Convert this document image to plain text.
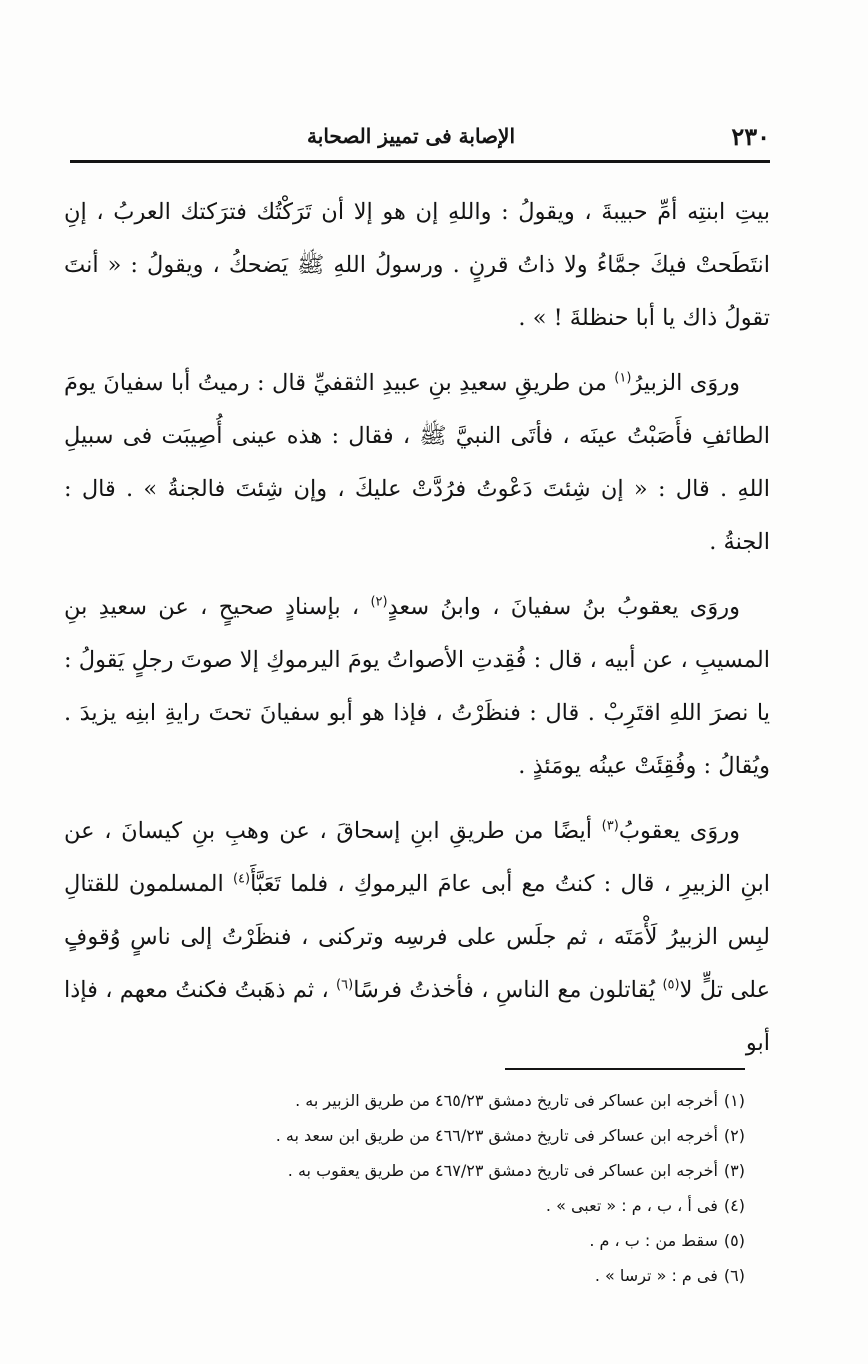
٢٣٠
الإصابة فى تمييز الصحابة

بيتِ ابنتِه أمِّ حبيبةَ ، ويقولُ : واللهِ إن هو إلا أن تَرَكْتُك فترَكتك العربُ ، إنِ انتَطَحتْ فيكَ جمَّاءُ ولا ذاتُ قرنٍ . ورسولُ اللهِ ﷺ يَضحكُ ، ويقولُ : « أنتَ تقولُ ذاك يا أبا حنظلةَ ! » .

وروَى الزبيرُ$^{(١)}$ من طريقِ سعيدِ بنِ عبيدِ الثقفيِّ قال : رميتُ أبا سفيانَ يومَ الطائفِ فأَصَبْتُ عينَه ، فأتَى النبيَّ ﷺ ، فقال : هذه عينى أُصِيبَت فى سبيلِ اللهِ . قال : « إن شِئتَ دَعْوتُ فرُدَّتْ عليكَ ، وإن شِئتَ فالجنةُ » . قال : الجنةُ .

وروَى يعقوبُ بنُ سفيانَ ، وابنُ سعدٍ$^{(٢)}$ ، بإسنادٍ صحيحٍ ، عن سعيدِ بنِ المسيبِ ، عن أبيه ، قال : فُقِدتِ الأصواتُ يومَ اليرموكِ إلا صوتَ رجلٍ يَقولُ : يا نصرَ اللهِ اقتَرِبْ . قال : فنظَرْتُ ، فإذا هو أبو سفيانَ تحتَ رايةِ ابنِه يزيدَ . ويُقالُ : وفُقِئَتْ عينُه يومَئذٍ .

وروَى يعقوبُ$^{(٣)}$ أيضًا من طريقِ ابنِ إسحاقَ ، عن وهبِ بنِ كيسانَ ، عن ابنِ الزبيرِ ، قال : كنتُ مع أبى عامَ اليرموكِ ، فلما تَعَبَّأَ$^{(٤)}$ المسلمون للقتالِ لبِس الزبيرُ لَأْمَتَه ، ثم جلَس على فرسِه وتركنى ، فنظَرْتُ إلى ناسٍ وُقوفٍ على تلٍّ لا$^{(٥)}$ يُقاتلون مع الناسِ ، فأخذتُ فرسًا$^{(٦)}$ ، ثم ذهَبتُ فكنتُ معهم ، فإذا أبو

(١)أخرجه ابن عساكر فى تاريخ دمشق ٤٦٥/٢٣ من طريق الزبير به .
(٢)أخرجه ابن عساكر فى تاريخ دمشق ٤٦٦/٢٣ من طريق ابن سعد به .
(٣)أخرجه ابن عساكر فى تاريخ دمشق ٤٦٧/٢٣ من طريق يعقوب به .
(٤)فى أ ، ب ، م : « تعبى » .
(٥)سقط من : ب ، م .
(٦)فى م : « ترسا » .
